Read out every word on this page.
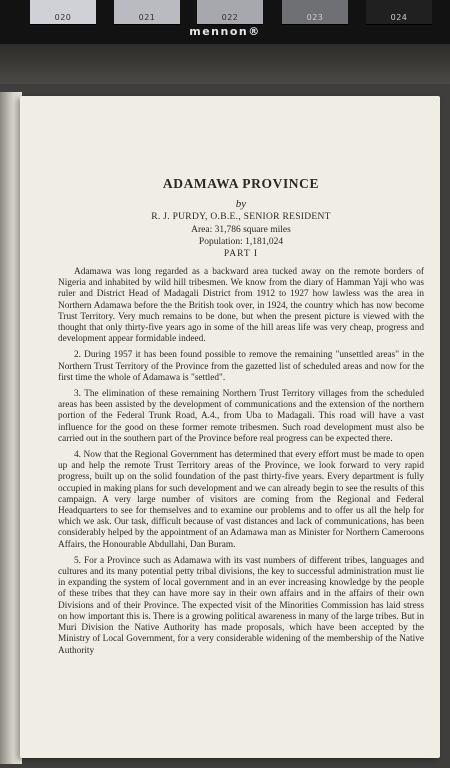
020	021	022	023	024
mennon®
ADAMAWA PROVINCE

by

R. J. PURDY, O.B.E., SENIOR RESIDENT

Area: 31,786 square miles

Population: 1,181,024

PART I

Adamawa was long regarded as a backward area tucked away on the remote borders of Nigeria and inhabited by wild hill tribesmen. We know from the diary of Hamman Yaji who was ruler and District Head of Madagali District from 1912 to 1927 how lawless was the area in Northern Adamawa before the the British took over, in 1924, the country which has now become Trust Territory. Very much remains to be done, but when the present picture is viewed with the thought that only thirty-five years ago in some of the hill areas life was very cheap, progress and development appear formidable indeed.

2. During 1957 it has been found possible to remove the remaining "unsettled areas" in the Northern Trust Territory of the Province from the gazetted list of scheduled areas and now for the first time the whole of Adamawa is "settled".

3. The elimination of these remaining Northern Trust Territory villages from the scheduled areas has been assisted by the development of communications and the extension of the northern portion of the Federal Trunk Road, A.4., from Uba to Madagali. This road will have a vast influence for the good on these former remote tribesmen. Such road development must also be carried out in the southern part of the Province before real progress can be expected there.

4. Now that the Regional Government has determined that every effort must be made to open up and help the remote Trust Territory areas of the Province, we look forward to very rapid progress, built up on the solid foundation of the past thirty-five years. Every department is fully occupied in making plans for such development and we can already begin to see the results of this campaign. A very large number of visitors are coming from the Regional and Federal Headquarters to see for themselves and to examine our problems and to offer us all the help for which we ask. Our task, difficult because of vast distances and lack of communications, has been considerably helped by the appointment of an Adamawa man as Minister for Northern Cameroons Affairs, the Honourable Abdullahi, Dan Buram.

5. For a Province such as Adamawa with its vast numbers of different tribes, languages and cultures and its many potential petty tribal divisions, the key to successful administration must lie in expanding the system of local government and in an ever increasing knowledge by the people of these tribes that they can have more say in their own affairs and in the affairs of their own Divisions and of their Province. The expected visit of the Minorities Commission has laid stress on how important this is. There is a growing political awareness in many of the large tribes. But in Muri Division the Native Authority has made proposals, which have been accepted by the Ministry of Local Government, for a very considerable widening of the membership of the Native Authority
